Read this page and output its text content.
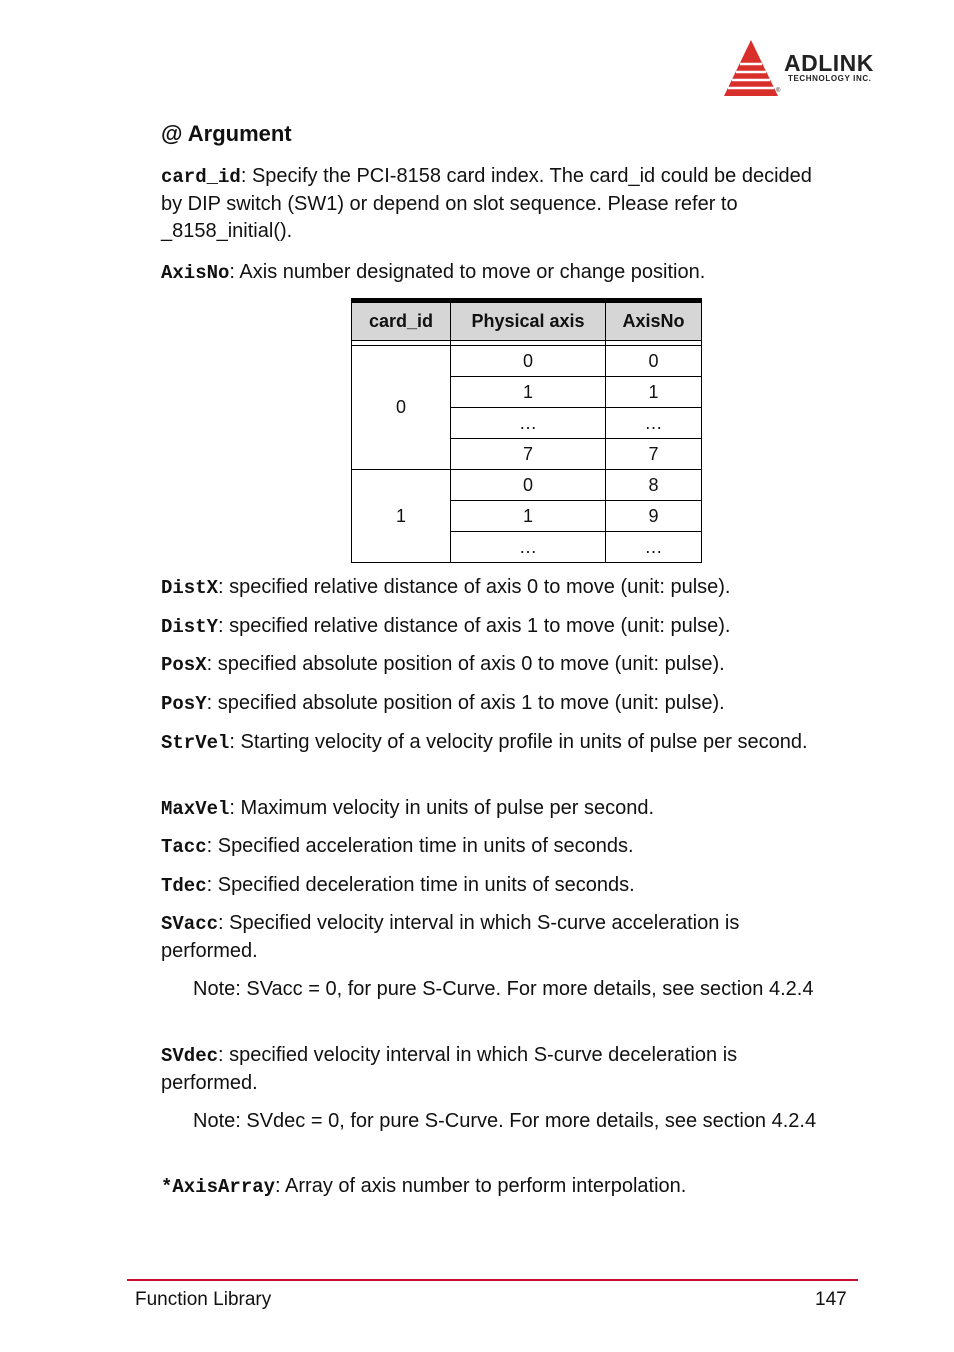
ADLINK
TECHNOLOGY INC.
®
@ Argument
card_id: Specify the PCI-8158 card index. The card_id could be decided by DIP switch (SW1) or depend on slot sequence. Please refer to _8158_initial().
AxisNo: Axis number designated to move or change position.
card_id	Physical axis	AxisNo

0	0	0
	1	1
	…	…
	7	7
1	0	8
	1	9
	…	…
DistX: specified relative distance of axis 0 to move (unit: pulse).
DistY: specified relative distance of axis 1 to move (unit: pulse).
PosX: specified absolute position of axis 0 to move (unit: pulse).
PosY: specified absolute position of axis 1 to move (unit: pulse).
StrVel: Starting velocity of a velocity profile in units of pulse per second.
MaxVel: Maximum velocity in units of pulse per second.
Tacc: Specified acceleration time in units of seconds.
Tdec: Specified deceleration time in units of seconds.
SVacc: Specified velocity interval in which S-curve acceleration is performed.
Note: SVacc = 0, for pure S-Curve. For more details, see section 4.2.4
SVdec: specified velocity interval in which S-curve deceleration is performed.
Note: SVdec = 0, for pure S-Curve. For more details, see section 4.2.4
*AxisArray: Array of axis number to perform interpolation.
Function Library	147
